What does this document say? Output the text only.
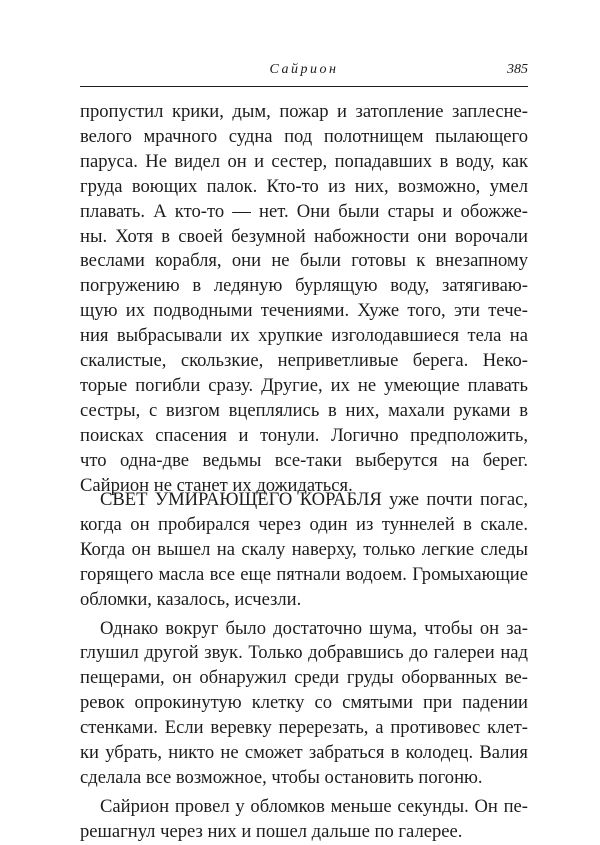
Сайрион	385

пропустил крики, дым, пожар и затопление заплесне-
велого мрачного судна под полотнищем пылающего
паруса. Не видел он и сестер, попадавших в воду, как
груда воющих палок. Кто-то из них, возможно, умел
плавать. А кто-то — нет. Они были стары и обожже-
ны. Хотя в своей безумной набожности они ворочали
веслами корабля, они не были готовы к внезапному
погружению в ледяную бурлящую воду, затягиваю-
щую их подводными течениями. Хуже того, эти тече-
ния выбрасывали их хрупкие изголодавшиеся тела на
скалистые, скользкие, неприветливые берега. Неко-
торые погибли сразу. Другие, их не умеющие плавать
сестры, с визгом вцеплялись в них, махали руками в
поисках спасения и тонули. Логично предположить,
что одна-две ведьмы все-таки выберутся на берег.
Сайрион не станет их дожидаться.

СВЕТ УМИРАЮЩЕГО КОРАБЛЯ уже почти погас,
когда он пробирался через один из туннелей в скале.
Когда он вышел на скалу наверху, только легкие следы
горящего масла все еще пятнали водоем. Громыхающие
обломки, казалось, исчезли.

Однако вокруг было достаточно шума, чтобы он за-
глушил другой звук. Только добравшись до галереи над
пещерами, он обнаружил среди груды оборванных ве-
ревок опрокинутую клетку со смятыми при падении
стенками. Если веревку перерезать, а противовес клет-
ки убрать, никто не сможет забраться в колодец. Валия
сделала все возможное, чтобы остановить погоню.

Сайрион провел у обломков меньше секунды. Он пе-
решагнул через них и пошел дальше по галерее.
